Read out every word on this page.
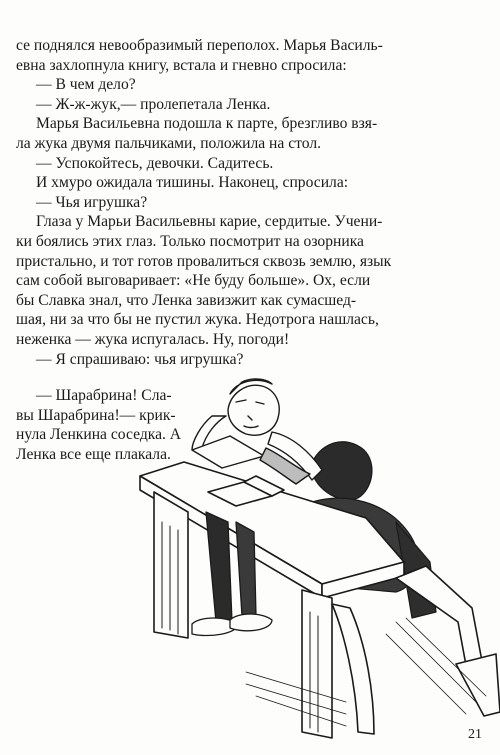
се поднялся невообразимый переполох. Марья Василь-

евна захлопнула книгу, встала и гневно спросила:

— В чем дело?

— Ж-ж-жук,— пролепетала Ленка.

Марья Васильевна подошла к парте, брезгливо взя-

ла жука двумя пальчиками, положила на стол.

— Успокойтесь, девочки. Садитесь.

И хмуро ожидала тишины. Наконец, спросила:

— Чья игрушка?

Глаза у Марьи Васильевны карие, сердитые. Учени-

ки боялись этих глаз. Только посмотрит на озорника

пристально, и тот готов провалиться сквозь землю, язык

сам собой выговаривает: «Не буду больше». Ох, если

бы Славка знал, что Ленка завизжит как сумасшед-

шая, ни за что бы не пустил жука. Недотрога нашлась,

неженка — жука испугалась. Ну, погоди!

— Я спрашиваю: чья игрушка?

— Шарабрина! Сла-

вы Шарабрина!— крик-

нула Ленкина соседка. А

Ленка все еще плакала.

21
